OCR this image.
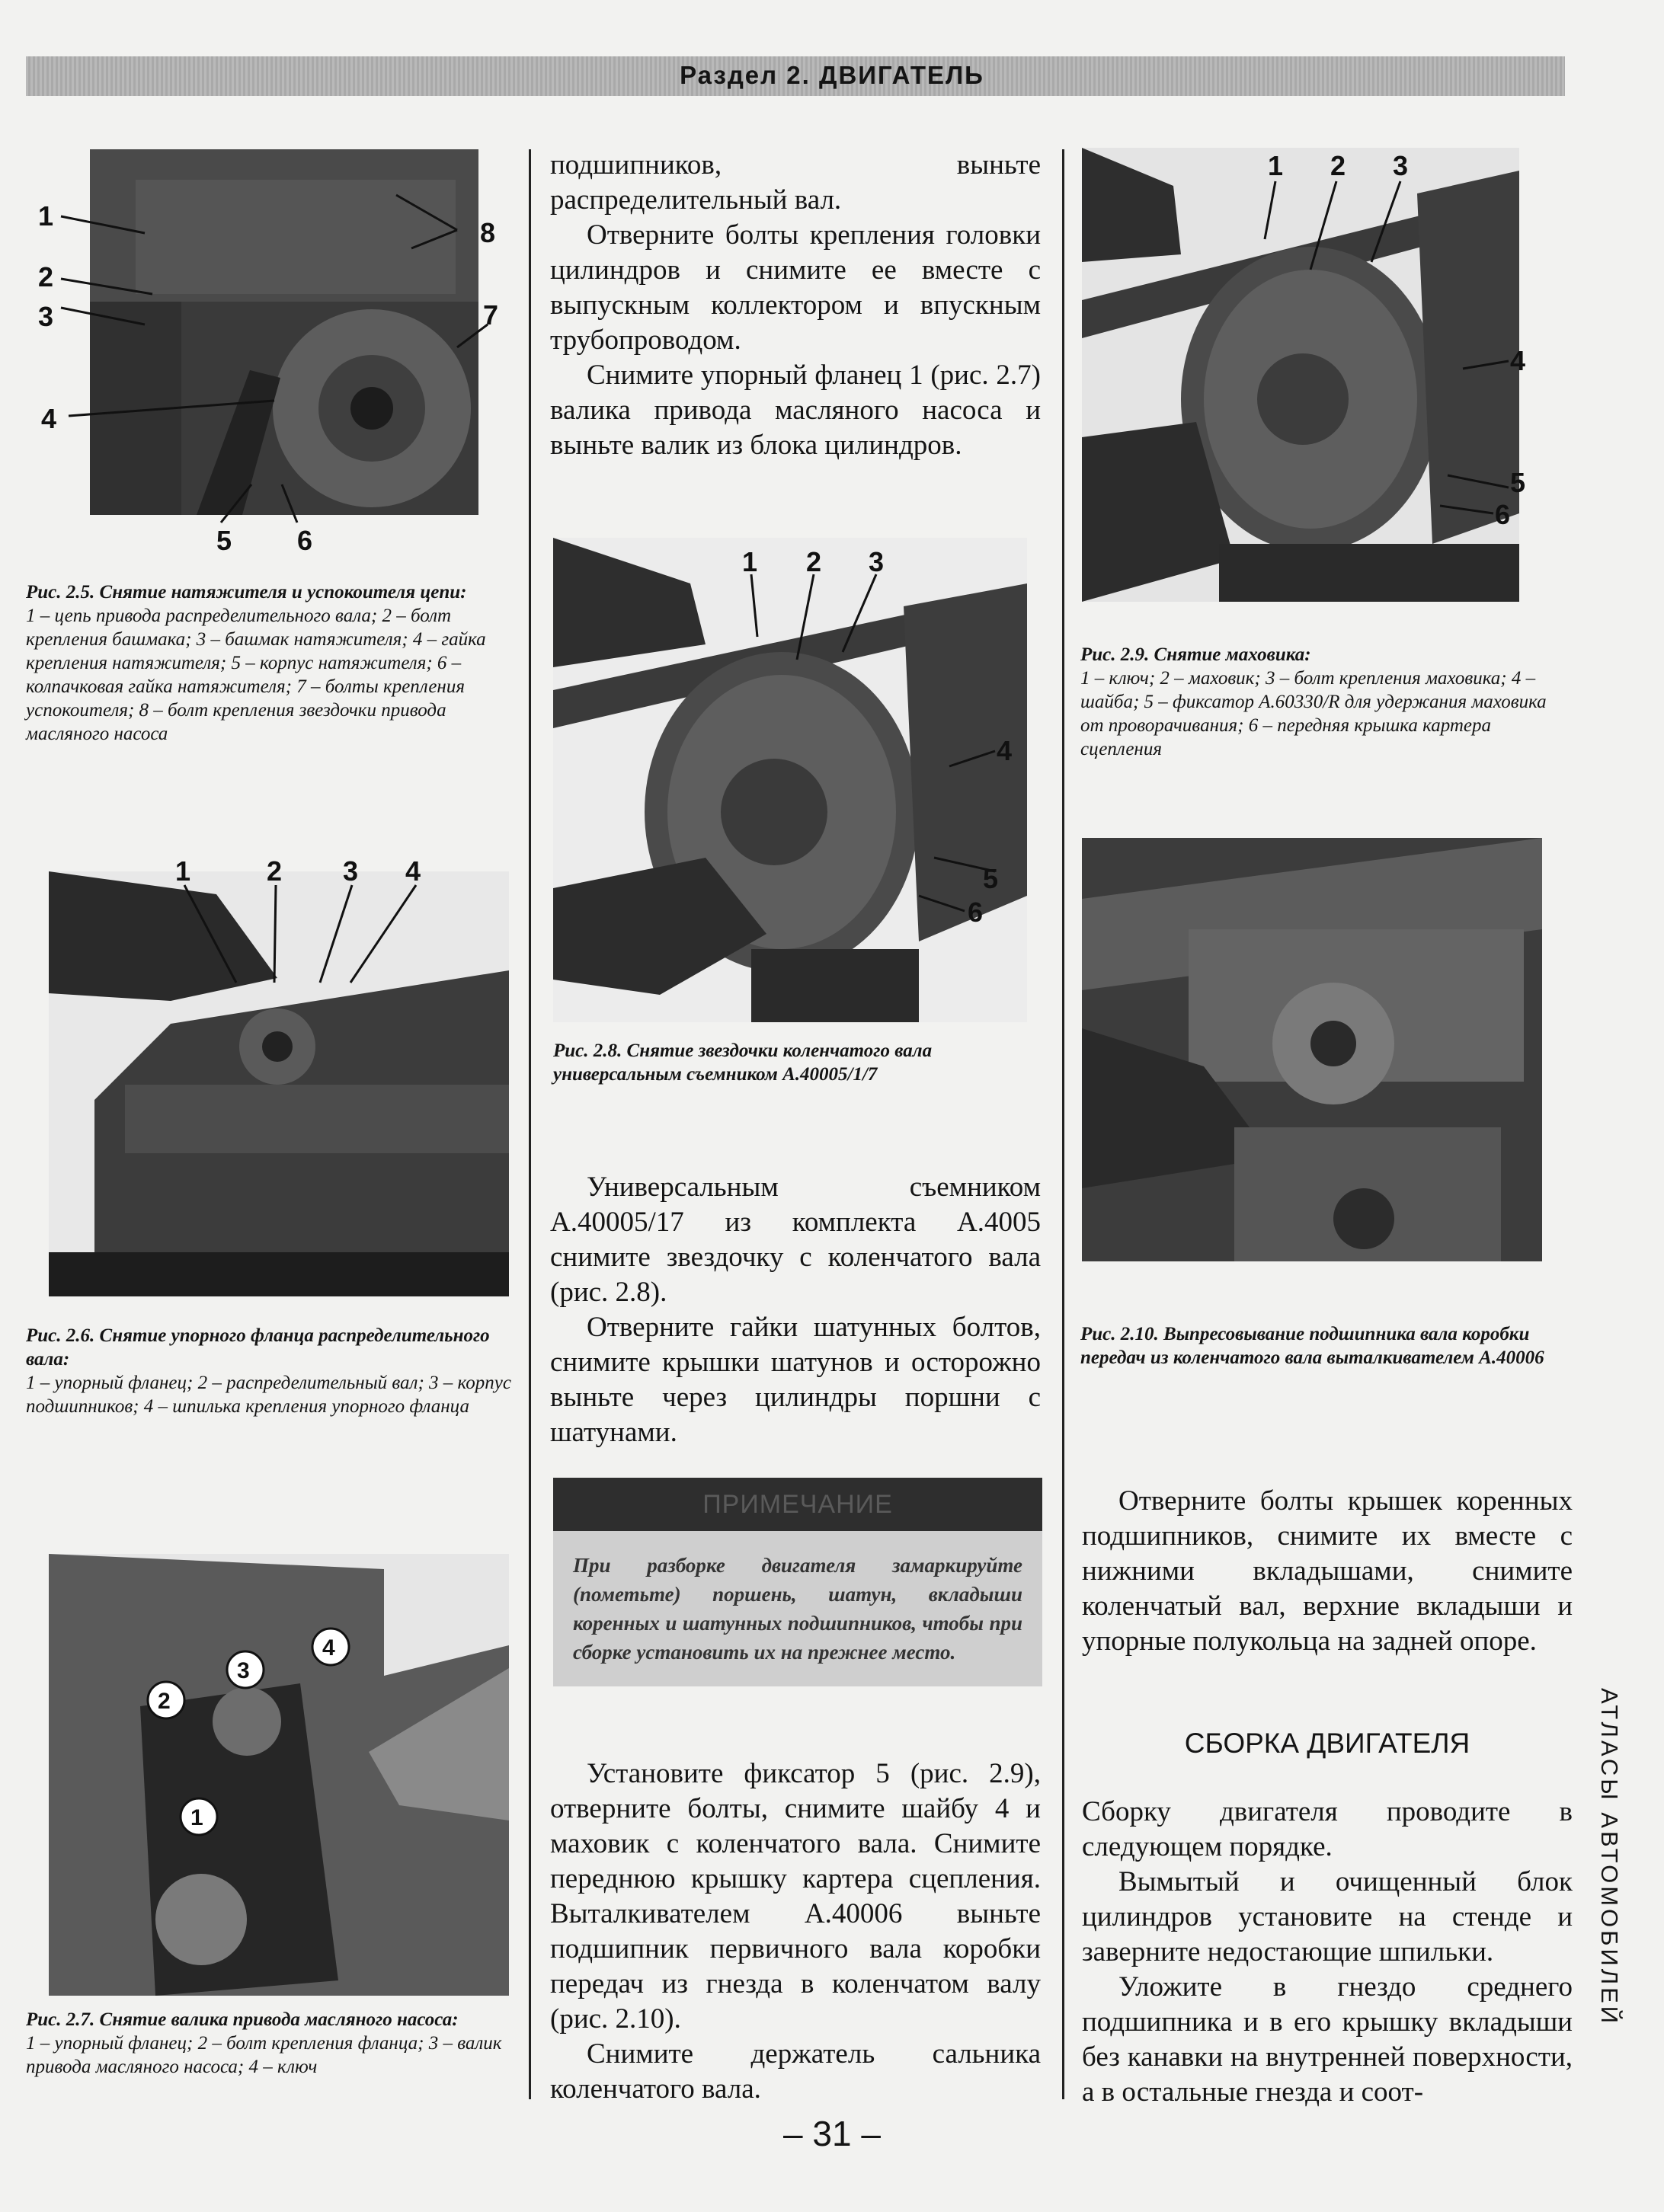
Раздел 2. ДВИГАТЕЛЬ
1
2
3
4
5 6
7
8
Рис. 2.5. Снятие натяжителя и успокоителя цепи:
1 – цепь привода распределительного вала; 2 – болт крепления башмака; 3 – башмак натяжителя; 4 – гайка крепления натяжителя; 5 – корпус натяжителя; 6 – колпачковая гайка натяжителя; 7 – болты крепления успокоителя; 8 – болт крепления звездочки привода масляного насоса
1	2 3 4
Рис. 2.6. Снятие упорного фланца распределительного вала:
1 – упорный фланец; 2 – распределительный вал; 3 – корпус подшипников; 4 – шпилька крепления упорного фланца
1
2
3
4
Рис. 2.7. Снятие валика привода масляного насоса:
1 – упорный фланец; 2 – болт крепления фланца; 3 – валик привода масляного насоса; 4 – ключ

подшипников, выньте распределительный вал.

Отверните болты крепления головки цилиндров и снимите ее вместе с выпускным коллектором и впускным трубопроводом.

Снимите упорный фланец 1 (рис. 2.7) валика привода масляного насоса и выньте валик из блока цилиндров.

1 2 3
4
5
6
Рис. 2.8. Снятие звездочки коленчатого вала универсальным съемником А.40005/1/7

Универсальным съемником А.40005/17 из комплекта А.4005 снимите звездочку с коленчатого вала (рис. 2.8).

Отверните гайки шатунных болтов, снимите крышки шатунов и осторожно выньте через цилиндры поршни с шатунами.

ПРИМЕЧАНИЕ
При разборке двигателя замаркируйте (пометьте) поршень, шатун, вкладыши коренных и шатунных подшипников, чтобы при сборке установить их на прежнее место.

Установите фиксатор 5 (рис. 2.9), отверните болты, снимите шайбу 4 и маховик с коленчатого вала. Снимите переднюю крышку картера сцепления. Выталкивателем А.40006 выньте подшипник первичного вала коробки передач из гнезда в коленчатом валу (рис. 2.10).

Снимите держатель сальника коленчатого вала.

1 2 3
4
5
6
Рис. 2.9. Снятие маховика:
1 – ключ; 2 – маховик; 3 – болт крепления маховика; 4 – шайба; 5 – фиксатор А.60330/R для удержания маховика от проворачивания; 6 – передняя крышка картера сцепления
Рис. 2.10. Выпресовывание подшипника вала коробки передач из коленчатого вала выталкивателем А.40006

Отверните болты крышек коренных подшипников, снимите их вместе с нижними вкладышами, снимите коленчатый вал, верхние вкладыши и упорные полукольца на задней опоре.

СБОРКА ДВИГАТЕЛЯ

Сборку двигателя проводите в следующем порядке.

Вымытый и очищенный блок цилиндров установите на стенде и заверните недостающие шпильки.

Уложите в гнездо среднего подшипника и в его крышку вкладыши без канавки на внутренней поверхности, а в остальные гнезда и соот-

АТЛАСЫ АВТОМОБИЛЕЙ
– 31 –
